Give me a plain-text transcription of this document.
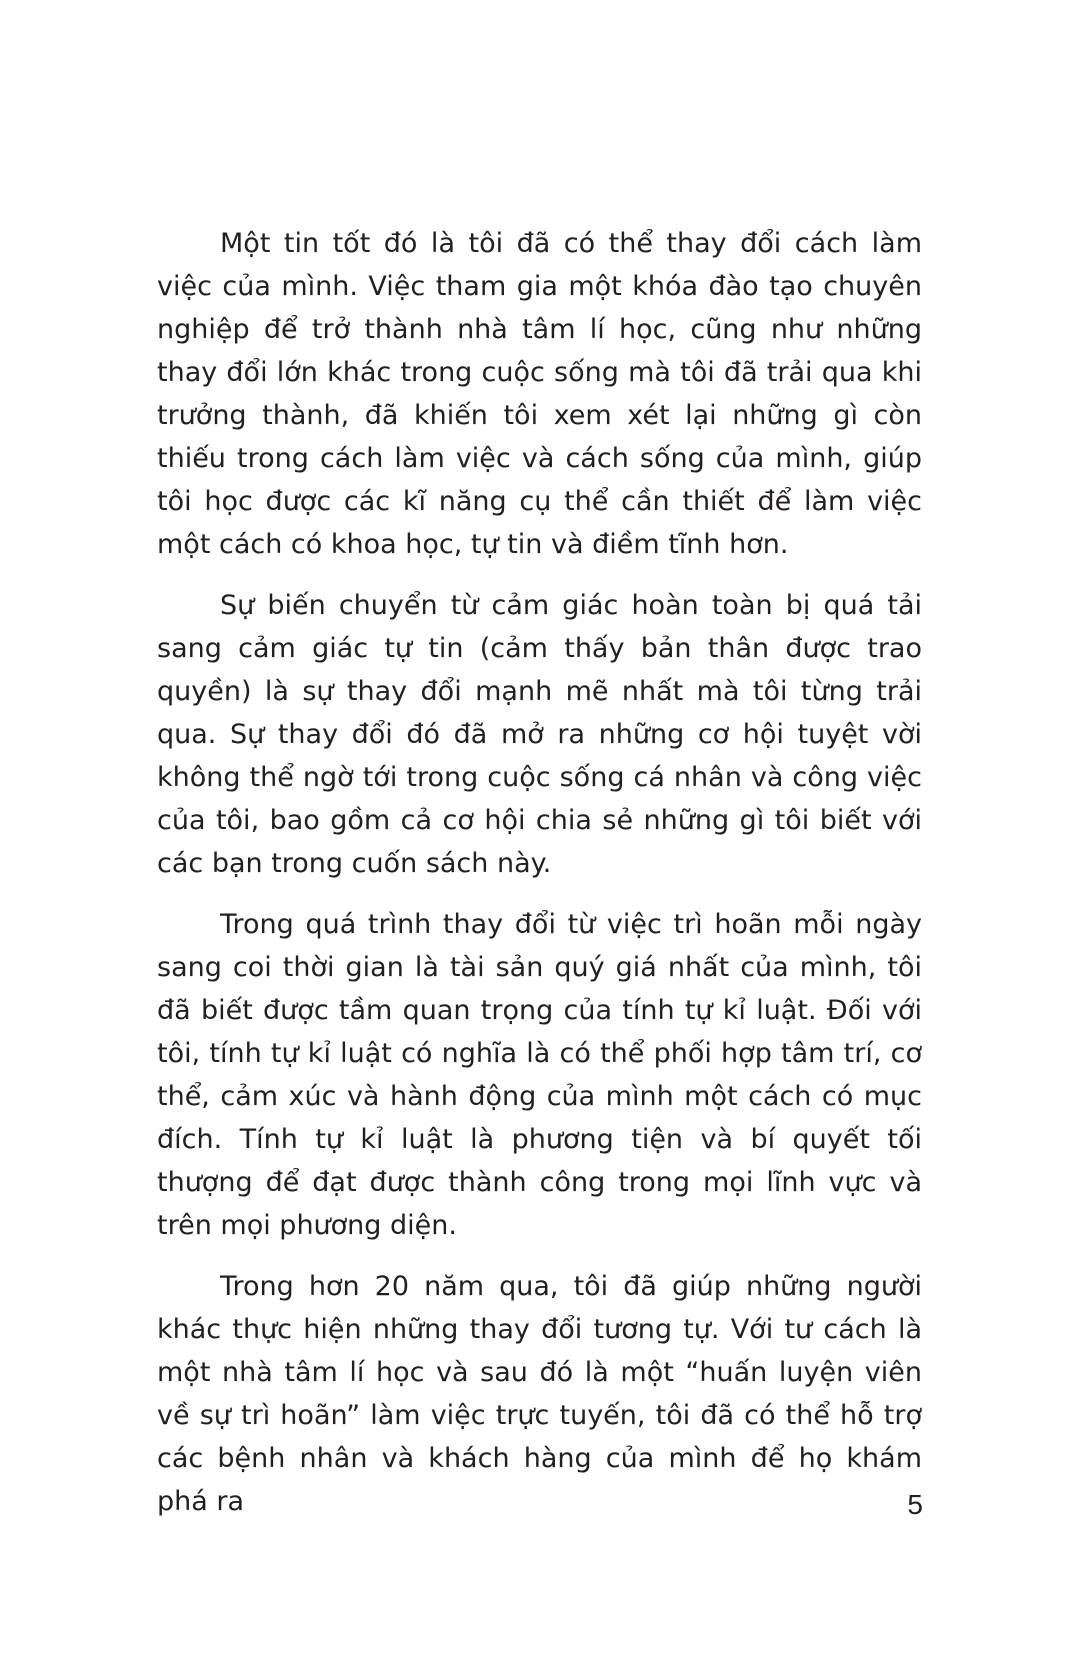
Một tin tốt đó là tôi đã có thể thay đổi cách làm việc của mình. Việc tham gia một khóa đào tạo chuyên nghiệp để trở thành nhà tâm lí học, cũng như những thay đổi lớn khác trong cuộc sống mà tôi đã trải qua khi trưởng thành, đã khiến tôi xem xét lại những gì còn thiếu trong cách làm việc và cách sống của mình, giúp tôi học được các kĩ năng cụ thể cần thiết để làm việc một cách có khoa học, tự tin và điềm tĩnh hơn.

Sự biến chuyển từ cảm giác hoàn toàn bị quá tải sang cảm giác tự tin (cảm thấy bản thân được trao quyền) là sự thay đổi mạnh mẽ nhất mà tôi từng trải qua. Sự thay đổi đó đã mở ra những cơ hội tuyệt vời không thể ngờ tới trong cuộc sống cá nhân và công việc của tôi, bao gồm cả cơ hội chia sẻ những gì tôi biết với các bạn trong cuốn sách này.

Trong quá trình thay đổi từ việc trì hoãn mỗi ngày sang coi thời gian là tài sản quý giá nhất của mình, tôi đã biết được tầm quan trọng của tính tự kỉ luật. Đối với tôi, tính tự kỉ luật có nghĩa là có thể phối hợp tâm trí, cơ thể, cảm xúc và hành động của mình một cách có mục đích. Tính tự kỉ luật là phương tiện và bí quyết tối thượng để đạt được thành công trong mọi lĩnh vực và trên mọi phương diện.

Trong hơn 20 năm qua, tôi đã giúp những người khác thực hiện những thay đổi tương tự. Với tư cách là một nhà tâm lí học và sau đó là một “huấn luyện viên về sự trì hoãn” làm việc trực tuyến, tôi đã có thể hỗ trợ các bệnh nhân và khách hàng của mình để họ khám phá ra	5
